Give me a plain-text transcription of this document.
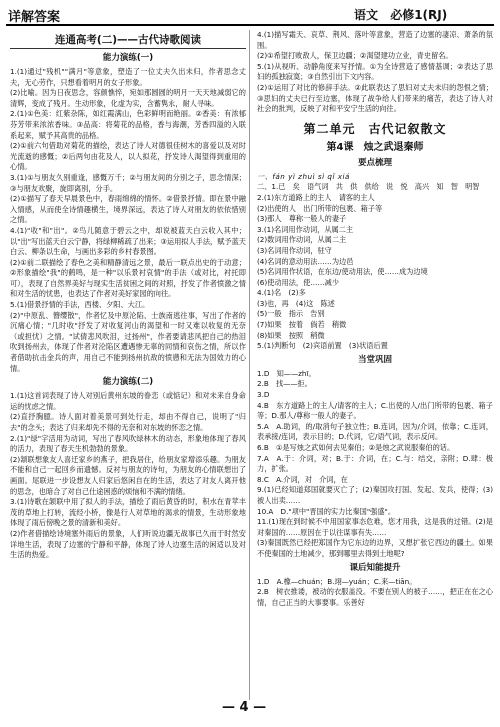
详解答案	语文 必修1(RJ)
连通高考(二)——古代诗歌阅读
能力演练(一)

1.(1)通过"残机""满月"等意象，塑造了一位丈夫久出未归，作者思念丈夫，无心劳作，只想看着明月的女子形象。

(2)比喻。因为日夜思念，容颜憔悴，宛如那圆圆的明月一天天地减弱它的清辉，变成了残月。生动形象，化虚为实，含蓄隽永，耐人寻味。

2.(1)①色美：红紫杂陈，如红霞满山，色彩鲜明而艳丽。②香美：有浓郁芬芳带来浓浓香味。③品高：将菊花的品格，香与海潮，芳香四溢的入联系起来，赋予其高贵的品格。

(2)①前六句借助对菊花的描绘，表达了诗人对德很佳树木的喜爱以及对时光流逝的感慨；②后两句由花及人，以人拟花，抒发诗人渴望得到重用的心情。

3.(1)①与朋友久别重逢，感慨万千；②与朋友间的分别之子，思念情深；③与朋友欢聚，旋即离别，分手。

(2)①描写了春天早晨景色中，春雨绵绵的情怀。②借景抒情。即在景中融入情感，从而使全诗情趣横生，境界深远，表达了诗人对朋友的依依惜别之情。

4.(1)"收"和"出"。②鸟儿随意于碧云之中，却说被蓝天白云收入其中；以"出"写出蓝天白云宁静，将绿柳稀疏了出来；③运用拟人手法，赋予蓝天白云、柳条以生命，与画出多彩的乡村春景图。

(2)①前二联描绘了春色之美和精静清远之景，最后一联点出史的于动意；②形象描绘"我"的鹤鸣，是一种"以乐景衬哀情"的手法（或对比，衬托即可），表现了自然界美好与现实生活贫困之间的对照，抒发了作者愤激之情和对生活的忧患，也表达了作者对美好家园的向往。

5.(1)借景抒情的手法，西楼、夕阳、大江。

(2)"中原乱、簪缨散"，作者忆及中原沦陷、士族南逃往事，写出了作者的沉痛心情；"几时收"抒发了对收复河山的渴望和一时又难以收复的无奈（或担忧）之情。"试倩悲风吹泪，过扬州"，作者要请悲风把自己的热泪吹到扬州去，体现了作者对沦陷区遭遇惨无辜的同情和哀伤之情，所以作者借助抗击金兵的声，用自己不能到扬州抗敌的愤懑和无法为国效力的心情。

能力演练(二)

1.(1)这首词表现了诗人对别后黄州东坡的眷恋（或惦记）和对未来自身命运的忧虑之情。

(2)直抒胸臆。诗人面对着美景可到处行走，却由不得自己，说明了"归去"的念头；表达了归来却先不得的无奈和对东坡的怀恋之情。

2.(1)"绿"字活用为动词，写出了春风吹绿林木的动态，形象地体现了春风的活力，表现了春天生机勃勃的景象。

(2)颔联想象友人喜迁家乡的燕子，把我居住，给朋友家增添乐趣。为朋友不能和自己一起回乡而遗憾。反衬与朋友的诗句，为朋友的心情联想出了画面。尾联进一步设想友人归家后悠闲自在的生活，表达了对友人离开他的思念，也暗合了对自己仕途困惑的烦恼和不满的情绪。

3.(1)诗歌在颔联中用了拟人的手法，描绘了雨后黄昏的时，积水在青苹丰茂的草地上打转，流经小桥，像是行人对草地的渴求的情景，生动形象地体现了雨后傍晚之景的清新和美好。

(2)作者借描绘诗境塞外雨后的景象，人们听说边疆无战事已久而于时然安详地生活，表现了边塞的宁静和平静，体现了诗人边塞生活的闲适以及对生活的热爱。

4.(1)描写霜天、哀草、荆风、落叶等意象，营造了边塞的凄凉、萧条的氛围。

(2)①希望打败敌人，保卫边疆；②渴望建功立业，青史留名。

5.(1)从视听、动静角度来写抒情。①为全诗营造了感情基调；②表达了思妇的孤独寂寞；③自然引出下文内容。

(2)①运用了对比的修辞手法。②此联表达了思妇对丈夫未归的怨恨之情；③思妇的丈夫已行至边塞，体现了战争给人们带来的痛苦，表达了诗人对社会的批判，反映了对和平安宁生活的向往。

第二单元　古代记叙散文
第4课 烛之武退秦师
要点梳理

一、fán yì zhuì sì qǐ xiá

二、1.已　矣　语气词　共　供　供给　说　悦　高兴　知　智　明智

2.(1)东方道路上的主人　请客的主人

(2)出使的人　出门所带的包裹、箱子等

(3)那人　尊称一般人的妻子

3.(1)名词用作动词，从属二主

(2)数词用作动词，从属二主

(3)名词用作动词，驻守

(4)名词的意动用法……为边邑

(5)名词用作状语，在东边/使动用法，使……成为边境

(6)使动用法，使……减少

4.(1)名　(2)多

(3)也，再　(4)这　陈述

(5)一般　指示　告别

(7)如果　按着　倘若　稍微

(8)如果　按照　稍微

5.(1)判断句　(2)宾语前置　(3)状语后置

当堂巩固

1.D　知——zhī。

2.B　找——拒。

3.D

4.B　东方道路上的主人/请客的主人；C.出使的人/出门所带的包裹、箱子等；D.那人/尊称一般人的妻子。

5.A　A.助词，的/取消句子独立性；B.连词，因为/介词，依靠；C.连词，表承接/连词，表示目的；D.代词，它/语气词，表示反问。

6.B　①是写烛之武如何去见秦伯；②是烛之武说服秦伯的话。

7.A　A.于：介词，对；B.于：介词，在；C.与：结交，亲附；D.肆：极力，扩张。

8.C　A.介词，对　介词，在

9.(1)已经知道郑国就要灭亡了；(2)秦国攻打国、发起、发兵，使得；(3)被人出卖……

10.A　D."项中"晋国的实力比秦国"强盛"。

11.(1)现在到时候不中用国家事态危难，您才用我，这是我的过错。(2)是对秦国的……原因在于以往谋事有失……

(3)秦国既然已经把郑国作为它东边的边界，又想扩张它西边的疆土。如果不使秦国的土地减少，那到哪里去得到土地呢?

课后知能提升

1.D　A.橡—chuán；B.翊—yuán；C.来—tiān。

2.B　树衣推诿，被动的衣服盖没。不要在别人的被子……，把正在在之心情，自己正当的大事要事。乐善好

— 4 —
